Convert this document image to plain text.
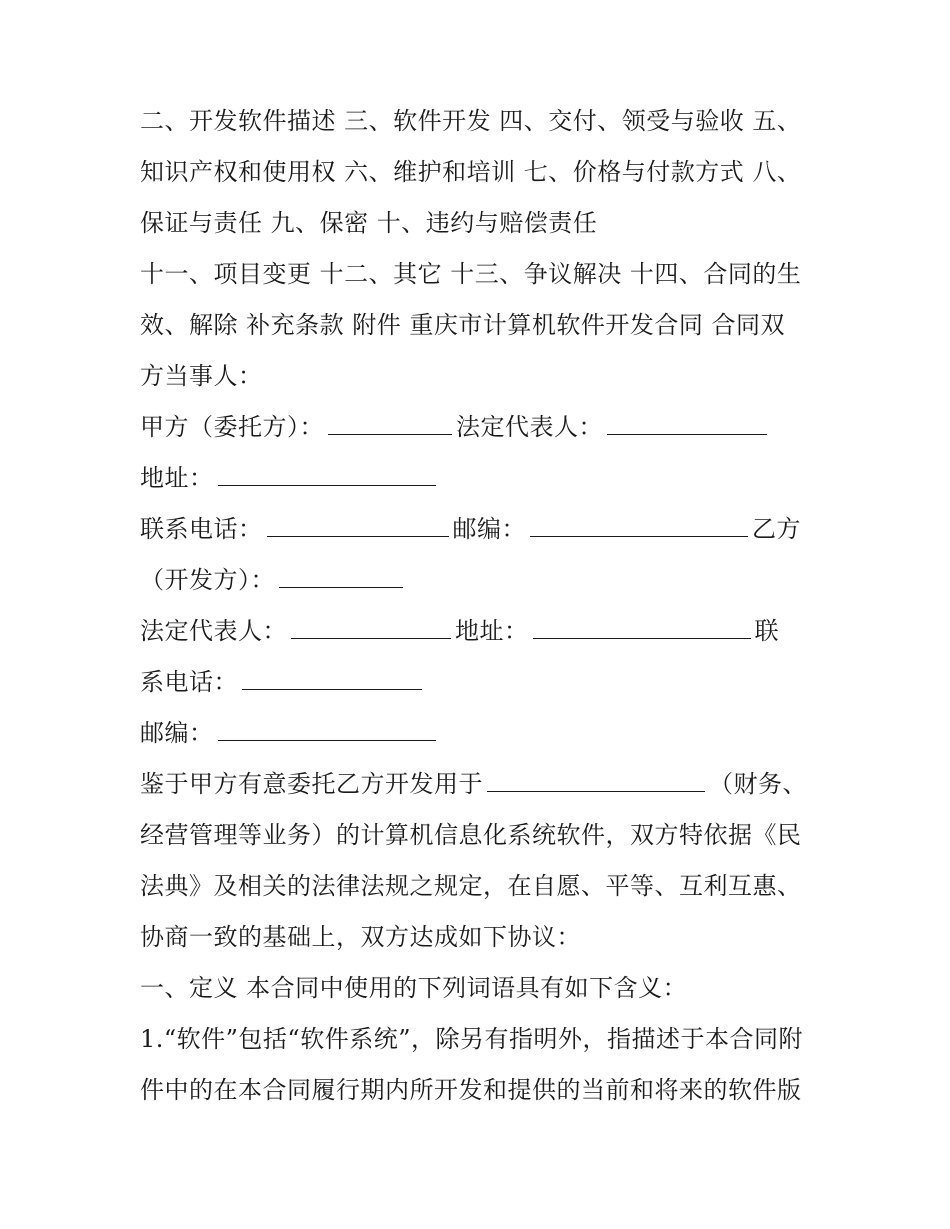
二、开发软件描述 三、软件开发 四、交付、领受与验收 五、
知识产权和使用权 六、维护和培训 七、价格与付款方式 八、
保证与责任 九、保密 十、违约与赔偿责任
十一、项目变更 十二、其它 十三、争议解决 十四、合同的生
效、解除 补充条款 附件 重庆市计算机软件开发合同 合同双
方当事人：
甲方（委托方）：	法定代表人：
地址：
联系电话：	邮编：	乙方
（开发方）：
法定代表人：	地址：	联
系电话：
邮编：
鉴于甲方有意委托乙方开发用于	（财务、
经营管理等业务）的计算机信息化系统软件，双方特依据《民
法典》及相关的法律法规之规定，在自愿、平等、互利互惠、
协商一致的基础上，双方达成如下协议：
一、定义 本合同中使用的下列词语具有如下含义：
1.“软件”包括“软件系统”，除另有指明外，指描述于本合同附
件中的在本合同履行期内所开发和提供的当前和将来的软件版
